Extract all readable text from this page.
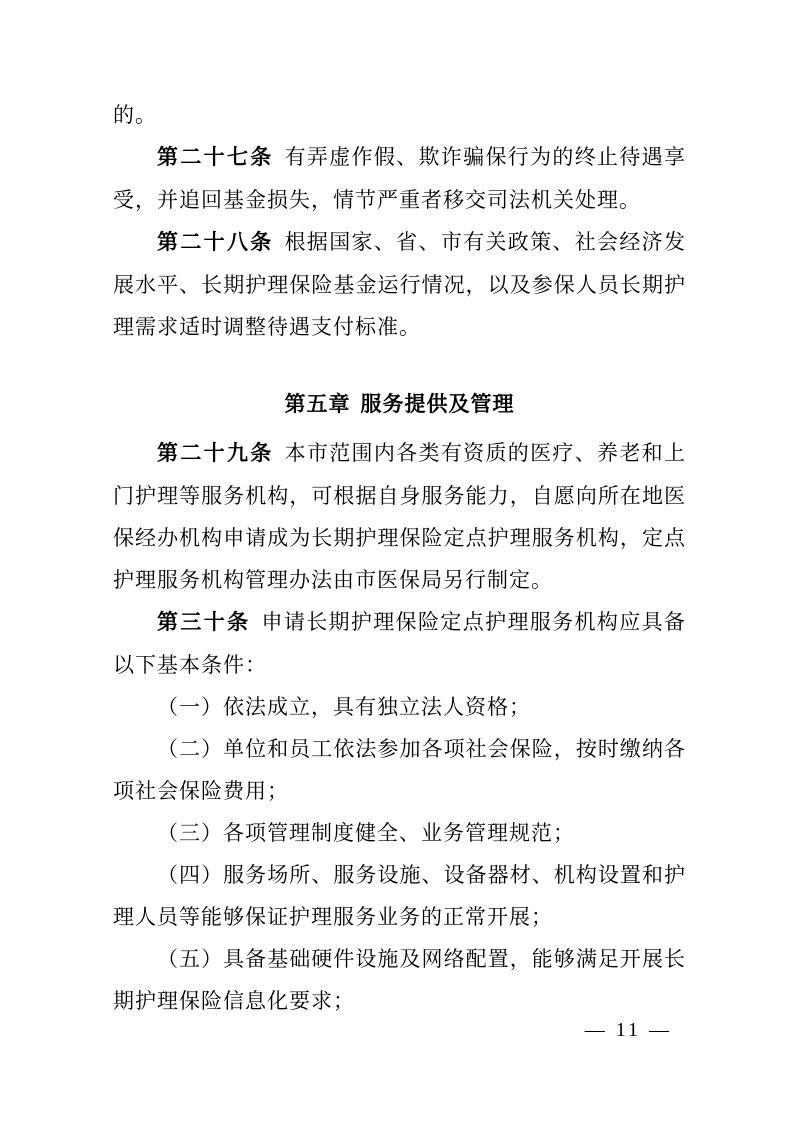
的。

第二十七条 有弄虚作假、欺诈骗保行为的终止待遇享受，并追回基金损失，情节严重者移交司法机关处理。

第二十八条 根据国家、省、市有关政策、社会经济发展水平、长期护理保险基金运行情况，以及参保人员长期护理需求适时调整待遇支付标准。

第五章 服务提供及管理

第二十九条 本市范围内各类有资质的医疗、养老和上门护理等服务机构，可根据自身服务能力，自愿向所在地医保经办机构申请成为长期护理保险定点护理服务机构，定点护理服务机构管理办法由市医保局另行制定。

第三十条 申请长期护理保险定点护理服务机构应具备以下基本条件：

（一）依法成立，具有独立法人资格；

（二）单位和员工依法参加各项社会保险，按时缴纳各项社会保险费用；

（三）各项管理制度健全、业务管理规范；

（四）服务场所、服务设施、设备器材、机构设置和护理人员等能够保证护理服务业务的正常开展；

（五）具备基础硬件设施及网络配置，能够满足开展长期护理保险信息化要求；

— 11 —
